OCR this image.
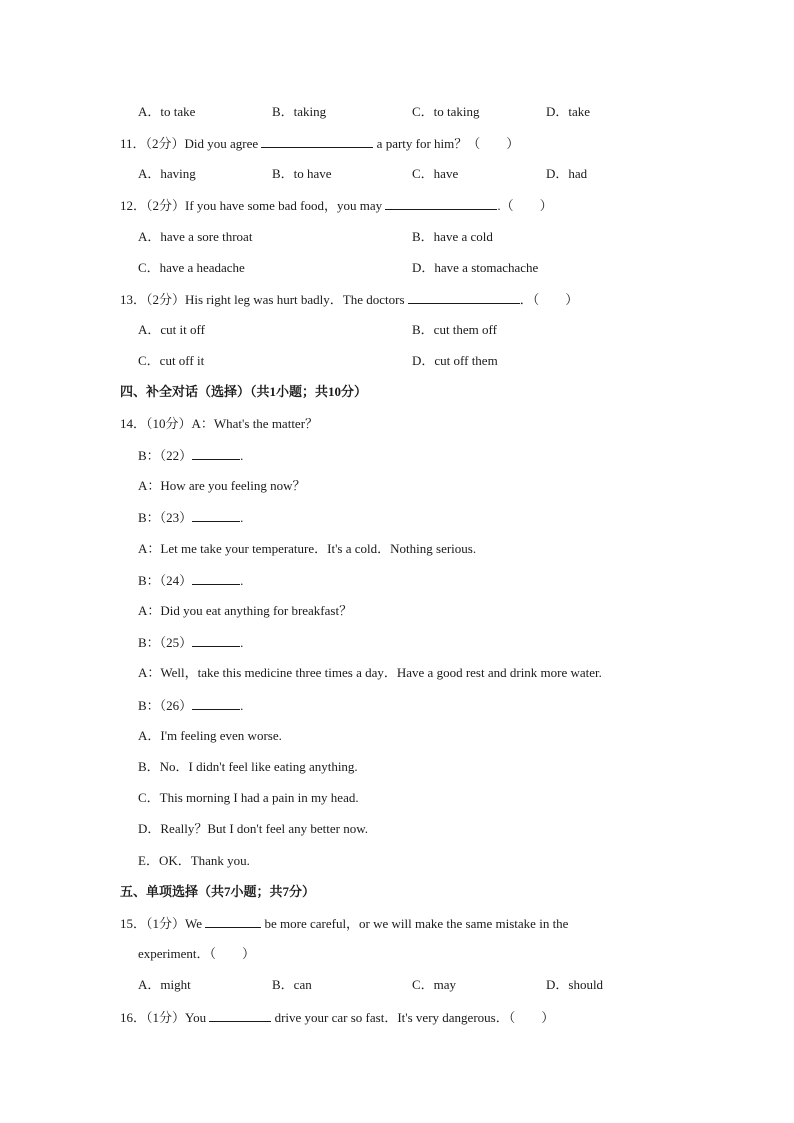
A．to take	B．taking	C．to taking	D．take
11．（2分）Did you agree	a party for him？（　　）
A．having	B．to have	C．have	D．had
12．（2分）If you have some bad food，you may	.（　　）
A．have a sore throat	B．have a cold
C．have a headache	D．have a stomachache
13．（2分）His right leg was hurt badly．The doctors	．（　　）
A．cut it off	B．cut them off
C．cut off it	D．cut off them
四、补全对话（选择）（共1小题；共10分）
14．（10分）A：What's the matter？
B：（22）	.
A：How are you feeling now？
B：（23）	.
A：Let me take your temperature．It's a cold．Nothing serious.
B：（24）	.
A：Did you eat anything for breakfast？
B：（25）	.
A：Well，take this medicine three times a day．Have a good rest and drink more water.
B：（26）	.
A．I'm feeling even worse.
B．No．I didn't feel like eating anything.
C．This morning I had a pain in my head.
D．Really？But I don't feel any better now.
E．OK．Thank you.
五、单项选择（共7小题；共7分）
15．（1分）We	be more careful，or we will make the same mistake in the
experiment．（　　）
A．might	B．can	C．may	D．should
16．（1分）You	drive your car so fast．It's very dangerous．（　　）
